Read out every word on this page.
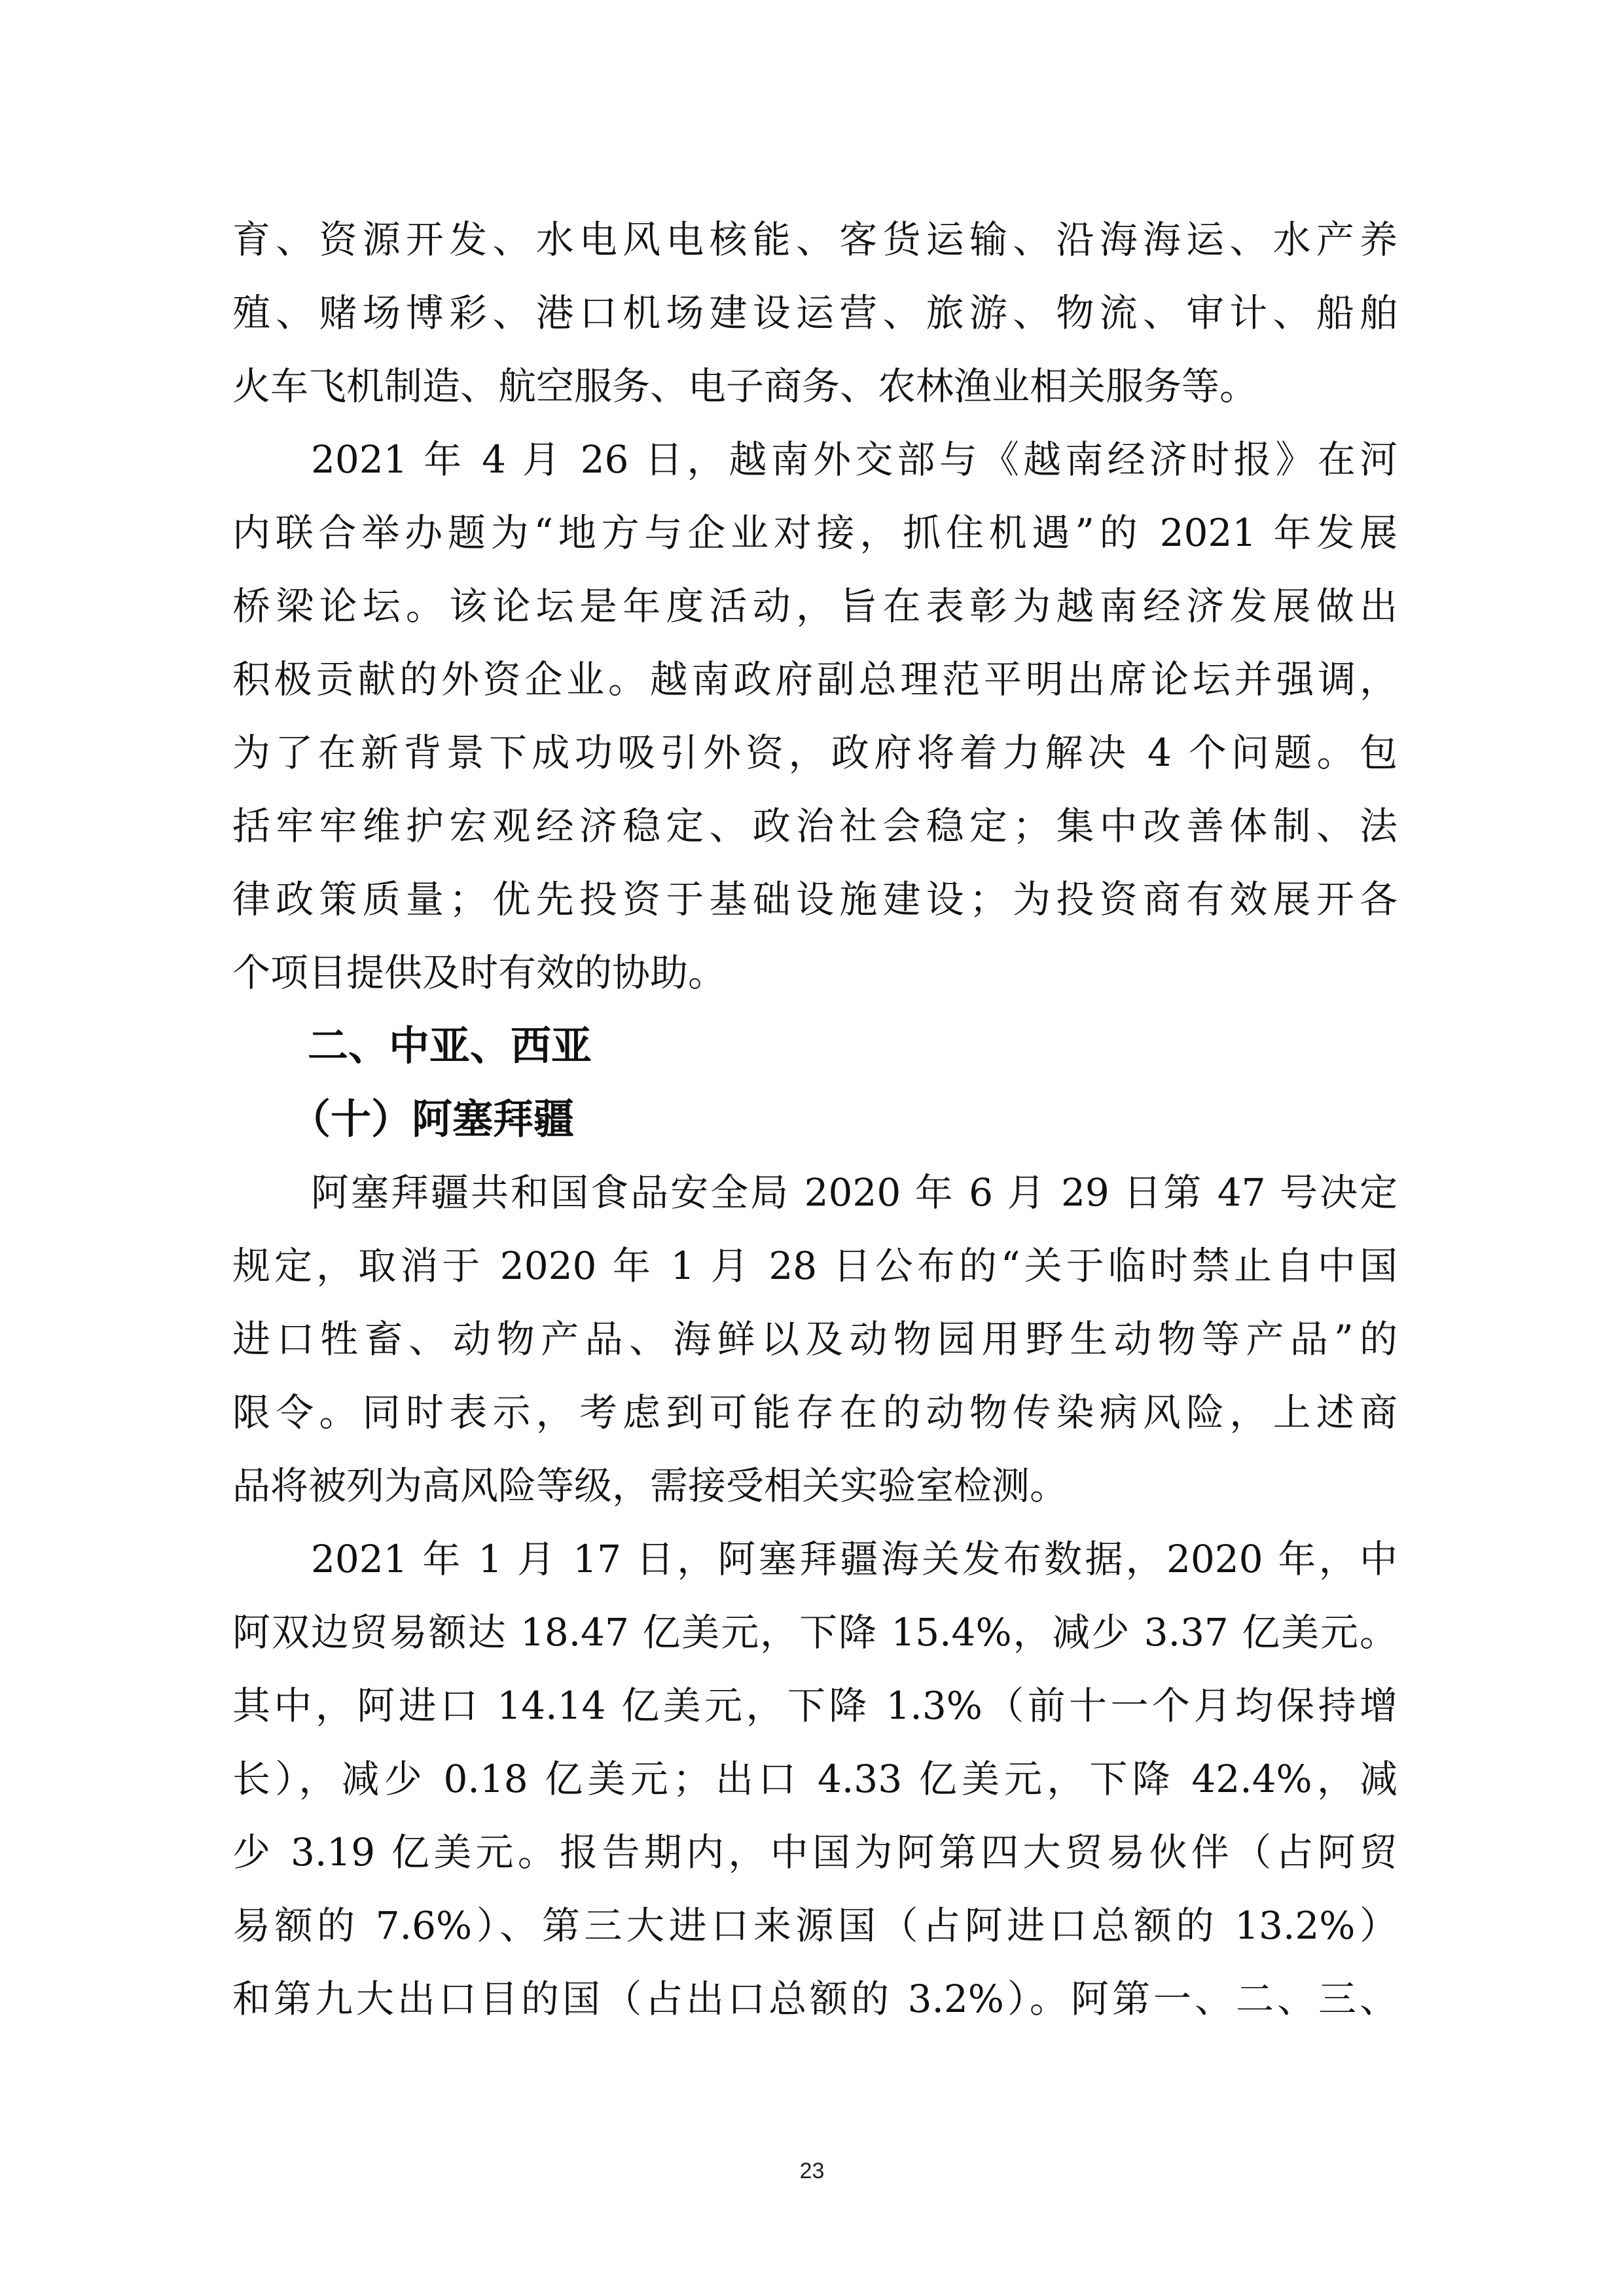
育、资源开发、水电风电核能、客货运输、沿海海运、水产养
殖、赌场博彩、港口机场建设运营、旅游、物流、审计、船舶
火车飞机制造、航空服务、电子商务、农林渔业相关服务等。
2021 年 4 月 26 日，越南外交部与《越南经济时报》在河
内联合举办题为“地方与企业对接，抓住机遇”的 2021 年发展
桥梁论坛。该论坛是年度活动，旨在表彰为越南经济发展做出
积极贡献的外资企业。越南政府副总理范平明出席论坛并强调，
为了在新背景下成功吸引外资，政府将着力解决 4 个问题。包
括牢牢维护宏观经济稳定、政治社会稳定；集中改善体制、法
律政策质量；优先投资于基础设施建设；为投资商有效展开各
个项目提供及时有效的协助。
二、中亚、西亚
（十）阿塞拜疆
阿塞拜疆共和国食品安全局 2020 年 6 月 29 日第 47 号决定
规定，取消于 2020 年 1 月 28 日公布的“关于临时禁止自中国
进口牲畜、动物产品、海鲜以及动物园用野生动物等产品”的
限令。同时表示，考虑到可能存在的动物传染病风险，上述商
品将被列为高风险等级，需接受相关实验室检测。
2021 年 1 月 17 日，阿塞拜疆海关发布数据，2020 年，中
阿双边贸易额达 18.47 亿美元，下降 15.4%，减少 3.37 亿美元。
其中，阿进口 14.14 亿美元，下降 1.3%（前十一个月均保持增
长），减少 0.18 亿美元；出口 4.33 亿美元，下降 42.4%，减
少 3.19 亿美元。报告期内，中国为阿第四大贸易伙伴（占阿贸
易额的 7.6%）、第三大进口来源国（占阿进口总额的 13.2%）
和第九大出口目的国（占出口总额的 3.2%）。阿第一、二、三、
23
